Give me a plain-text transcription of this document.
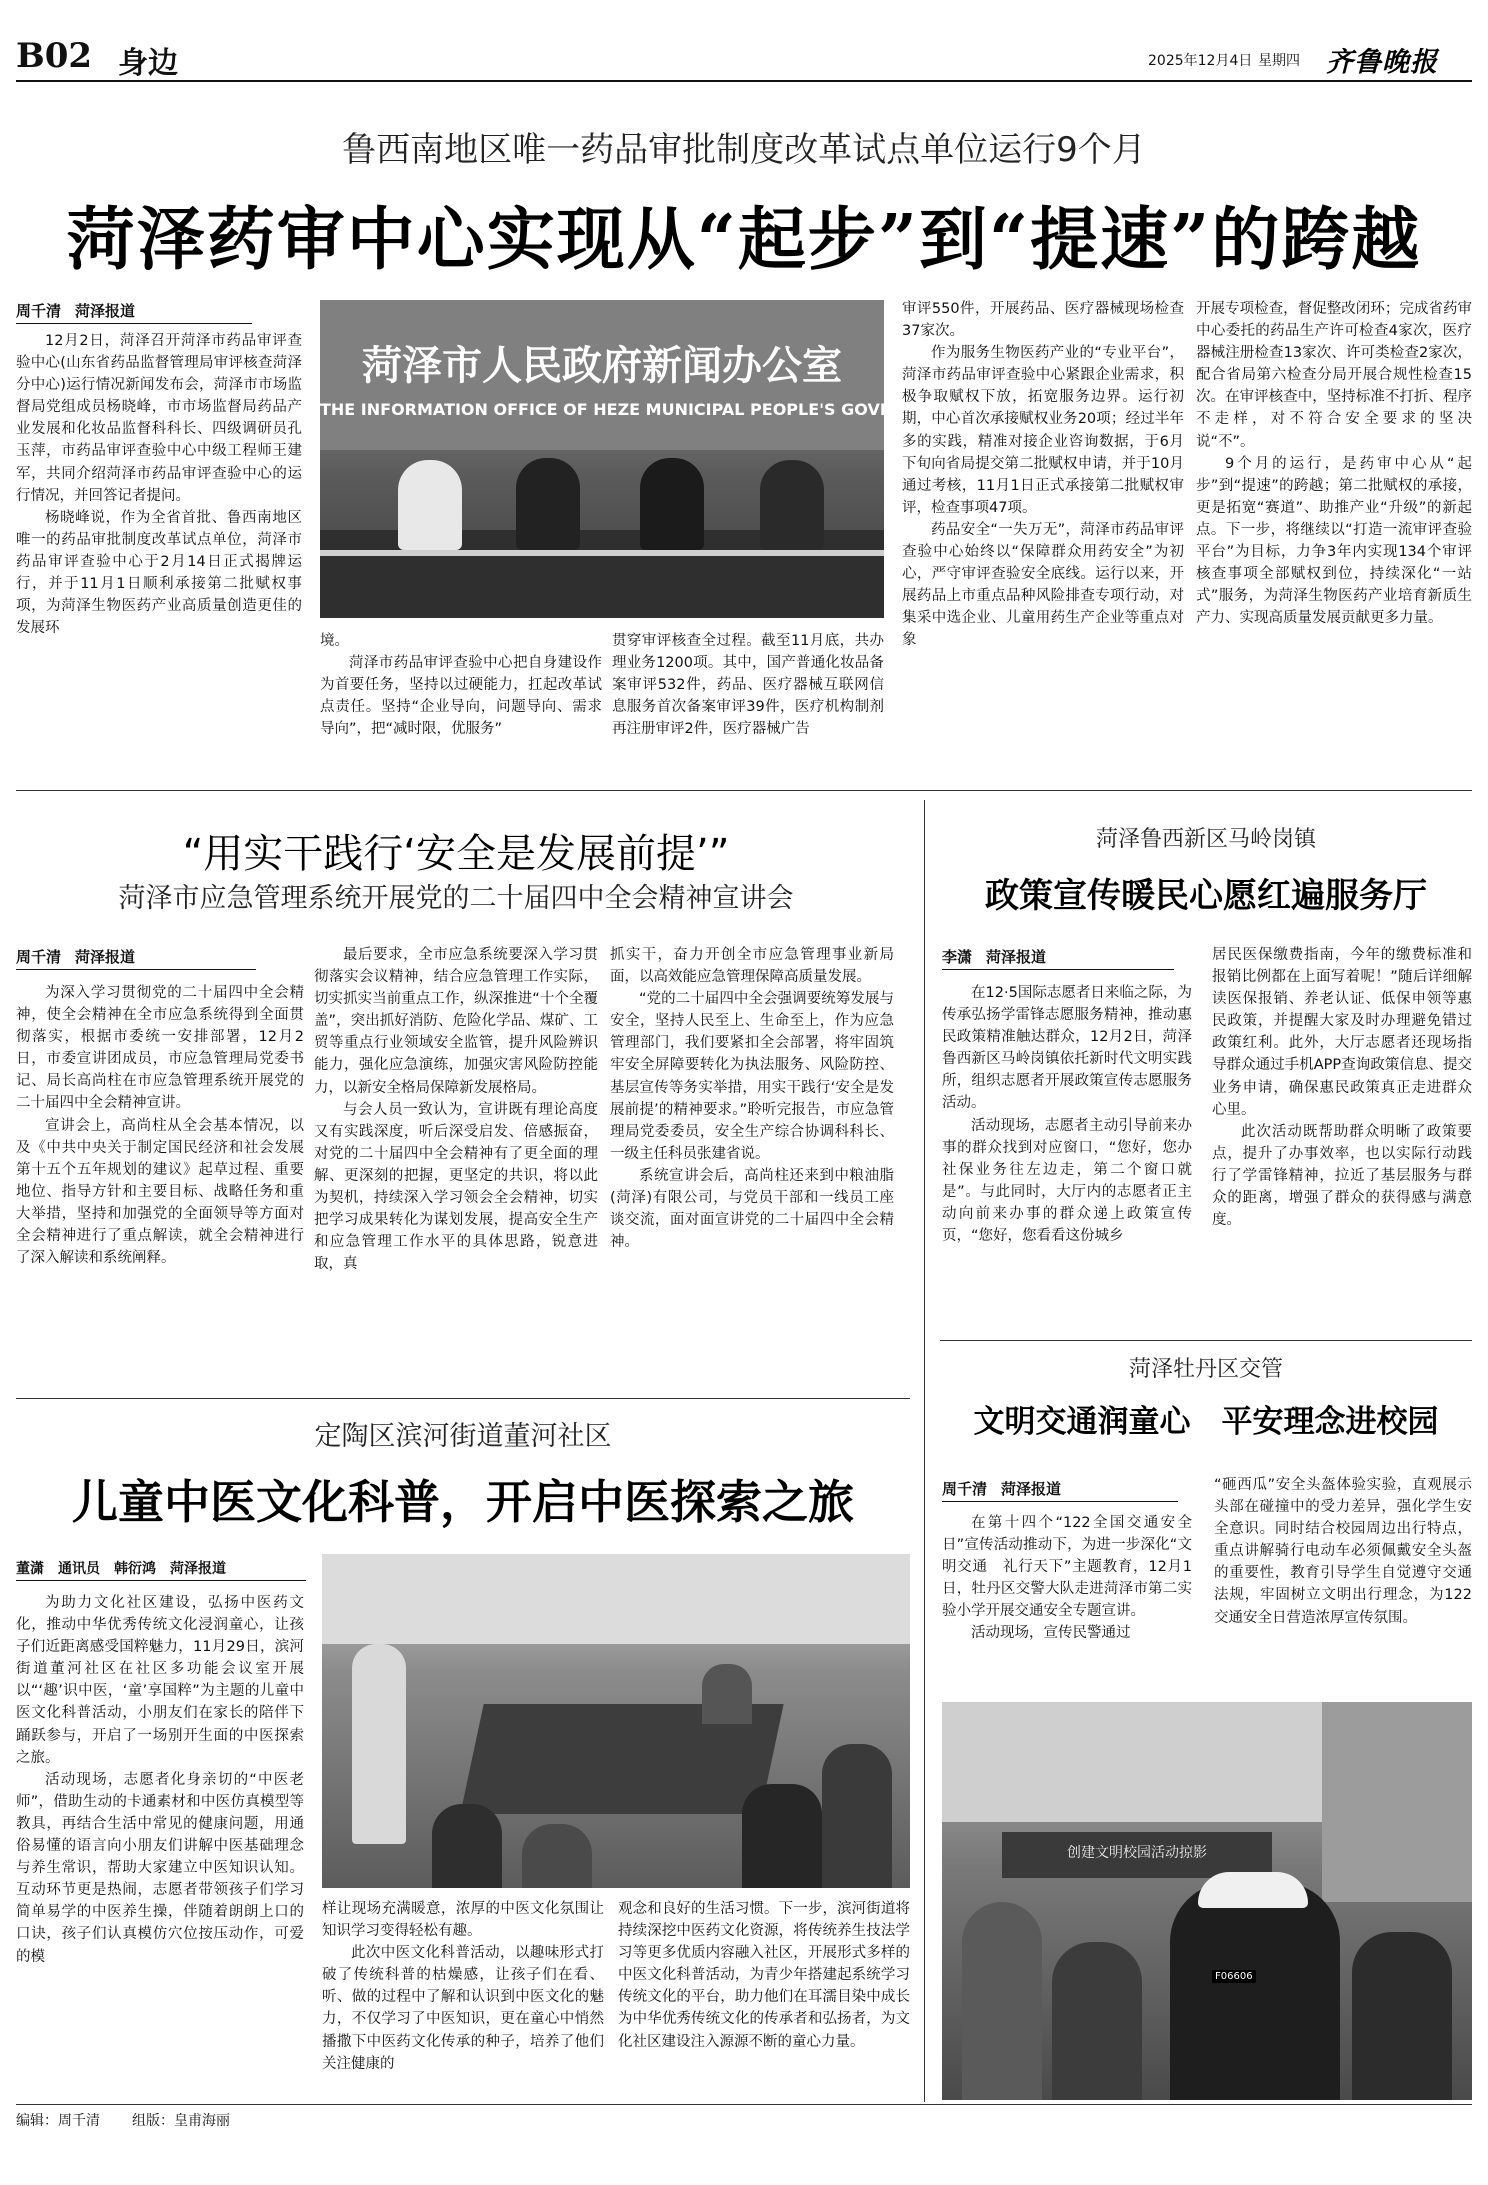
B02 身边	2025年12月4日 星期四 齐鲁晚报
鲁西南地区唯一药品审批制度改革试点单位运行9个月
菏泽药审中心实现从“起步”到“提速”的跨越
周千清 菏泽报道

12月2日，菏泽召开菏泽市药品审评查验中心(山东省药品监督管理局审评核查菏泽分中心)运行情况新闻发布会，菏泽市市场监督局党组成员杨晓峰，市市场监督局药品产业发展和化妆品监督科科长、四级调研员孔玉萍，市药品审评查验中心中级工程师王建军，共同介绍菏泽市药品审评查验中心的运行情况，并回答记者提问。

杨晓峰说，作为全省首批、鲁西南地区唯一的药品审批制度改革试点单位，菏泽市药品审评查验中心于2月14日正式揭牌运行，并于11月1日顺利承接第二批赋权事项，为菏泽生物医药产业高质量创造更佳的发展环

菏泽市人民政府新闻办公室
THE INFORMATION OFFICE OF HEZE MUNICIPAL PEOPLE'S GOVERNMENT

境。

菏泽市药品审评查验中心把自身建设作为首要任务，坚持以过硬能力，扛起改革试点责任。坚持“企业导向，问题导向、需求导向”，把“减时限，优服务”

贯穿审评核查全过程。截至11月底，共办理业务1200项。其中，国产普通化妆品备案审评532件，药品、医疗器械互联网信息服务首次备案审评39件，医疗机构制剂再注册审评2件，医疗器械广告

审评550件，开展药品、医疗器械现场检查37家次。

作为服务生物医药产业的“专业平台”，菏泽市药品审评查验中心紧跟企业需求，积极争取赋权下放，拓宽服务边界。运行初期，中心首次承接赋权业务20项；经过半年多的实践，精准对接企业咨询数据，于6月下旬向省局提交第二批赋权申请，并于10月通过考核，11月1日正式承接第二批赋权审评，检查事项47项。

药品安全“一失万无”，菏泽市药品审评查验中心始终以“保障群众用药安全”为初心，严守审评查验安全底线。运行以来，开展药品上市重点品种风险排查专项行动，对集采中选企业、儿童用药生产企业等重点对象

开展专项检查，督促整改闭环；完成省药审中心委托的药品生产许可检查4家次，医疗器械注册检查13家次、许可类检查2家次，配合省局第六检查分局开展合规性检查15次。在审评核查中，坚持标准不打折、程序不走样，对不符合安全要求的坚决说“不”。

9个月的运行，是药审中心从“起步”到“提速”的跨越；第二批赋权的承接，更是拓宽“赛道”、助推产业“升级”的新起点。下一步，将继续以“打造一流审评查验平台”为目标，力争3年内实现134个审评核查事项全部赋权到位，持续深化“一站式”服务，为菏泽生物医药产业培育新质生产力、实现高质量发展贡献更多力量。

“用实干践行‘安全是发展前提’”
菏泽市应急管理系统开展党的二十届四中全会精神宣讲会
周千清 菏泽报道

为深入学习贯彻党的二十届四中全会精神，使全会精神在全市应急系统得到全面贯彻落实，根据市委统一安排部署，12月2日，市委宣讲团成员，市应急管理局党委书记、局长高尚柱在市应急管理系统开展党的二十届四中全会精神宣讲。

宣讲会上，高尚柱从全会基本情况，以及《中共中央关于制定国民经济和社会发展第十五个五年规划的建议》起草过程、重要地位、指导方针和主要目标、战略任务和重大举措，坚持和加强党的全面领导等方面对全会精神进行了重点解读，就全会精神进行了深入解读和系统阐释。

最后要求，全市应急系统要深入学习贯彻落实会议精神，结合应急管理工作实际，切实抓实当前重点工作，纵深推进“十个全覆盖”，突出抓好消防、危险化学品、煤矿、工贸等重点行业领域安全监管，提升风险辨识能力，强化应急演练，加强灾害风险防控能力，以新安全格局保障新发展格局。

与会人员一致认为，宣讲既有理论高度又有实践深度，听后深受启发、倍感振奋，对党的二十届四中全会精神有了更全面的理解、更深刻的把握，更坚定的共识，将以此为契机，持续深入学习领会全会精神，切实把学习成果转化为谋划发展，提高安全生产和应急管理工作水平的具体思路，锐意进取，真

抓实干，奋力开创全市应急管理事业新局面，以高效能应急管理保障高质量发展。

“党的二十届四中全会强调要统筹发展与安全，坚持人民至上、生命至上，作为应急管理部门，我们要紧扣全会部署，将牢固筑牢安全屏障要转化为执法服务、风险防控、基层宣传等务实举措，用实干践行‘安全是发展前提’的精神要求。”聆听完报告，市应急管理局党委委员，安全生产综合协调科科长、一级主任科员张建省说。

系统宣讲会后，高尚柱还来到中粮油脂(菏泽)有限公司，与党员干部和一线员工座谈交流，面对面宣讲党的二十届四中全会精神。

菏泽鲁西新区马岭岗镇
政策宣传暖民心愿红遍服务厅
李潇 菏泽报道

在12·5国际志愿者日来临之际，为传承弘扬学雷锋志愿服务精神，推动惠民政策精准触达群众，12月2日，菏泽鲁西新区马岭岗镇依托新时代文明实践所，组织志愿者开展政策宣传志愿服务活动。

活动现场，志愿者主动引导前来办事的群众找到对应窗口，“您好，您办社保业务往左边走，第二个窗口就是”。与此同时，大厅内的志愿者正主动向前来办事的群众递上政策宣传页，“您好，您看看这份城乡

居民医保缴费指南，今年的缴费标准和报销比例都在上面写着呢！”随后详细解读医保报销、养老认证、低保申领等惠民政策，并提醒大家及时办理避免错过政策红利。此外，大厅志愿者还现场指导群众通过手机APP查询政策信息、提交业务申请，确保惠民政策真正走进群众心里。

此次活动既帮助群众明晰了政策要点，提升了办事效率，也以实际行动践行了学雷锋精神，拉近了基层服务与群众的距离，增强了群众的获得感与满意度。

菏泽牡丹区交管
文明交通润童心　平安理念进校园
周千清 菏泽报道

在第十四个“122全国交通安全日”宣传活动推动下，为进一步深化“文明交通　礼行天下”主题教育，12月1日，牡丹区交警大队走进菏泽市第二实验小学开展交通安全专题宣讲。

活动现场，宣传民警通过

“砸西瓜”安全头盔体验实验，直观展示头部在碰撞中的受力差异，强化学生安全意识。同时结合校园周边出行特点，重点讲解骑行电动车必须佩戴安全头盔的重要性，教育引导学生自觉遵守交通法规，牢固树立文明出行理念，为122交通安全日营造浓厚宣传氛围。

创建文明校园活动掠影
F06606
定陶区滨河街道董河社区
儿童中医文化科普，开启中医探索之旅
董潇 通讯员 韩衍鸿 菏泽报道

为助力文化社区建设，弘扬中医药文化，推动中华优秀传统文化浸润童心，让孩子们近距离感受国粹魅力，11月29日，滨河街道董河社区在社区多功能会议室开展以“‘趣’识中医，‘童’享国粹”为主题的儿童中医文化科普活动，小朋友们在家长的陪伴下踊跃参与，开启了一场别开生面的中医探索之旅。

活动现场，志愿者化身亲切的“中医老师”，借助生动的卡通素材和中医仿真模型等教具，再结合生活中常见的健康问题，用通俗易懂的语言向小朋友们讲解中医基础理念与养生常识，帮助大家建立中医知识认知。互动环节更是热闹，志愿者带领孩子们学习简单易学的中医养生操，伴随着朗朗上口的口诀，孩子们认真模仿穴位按压动作，可爱的模

样让现场充满暖意，浓厚的中医文化氛围让知识学习变得轻松有趣。

此次中医文化科普活动，以趣味形式打破了传统科普的枯燥感，让孩子们在看、听、做的过程中了解和认识到中医文化的魅力，不仅学习了中医知识，更在童心中悄然播撒下中医药文化传承的种子，培养了他们关注健康的

观念和良好的生活习惯。下一步，滨河街道将持续深挖中医药文化资源，将传统养生技法学习等更多优质内容融入社区，开展形式多样的中医文化科普活动，为青少年搭建起系统学习传统文化的平台，助力他们在耳濡目染中成长为中华优秀传统文化的传承者和弘扬者，为文化社区建设注入源源不断的童心力量。

编辑：周千清 组版：皇甫海丽
